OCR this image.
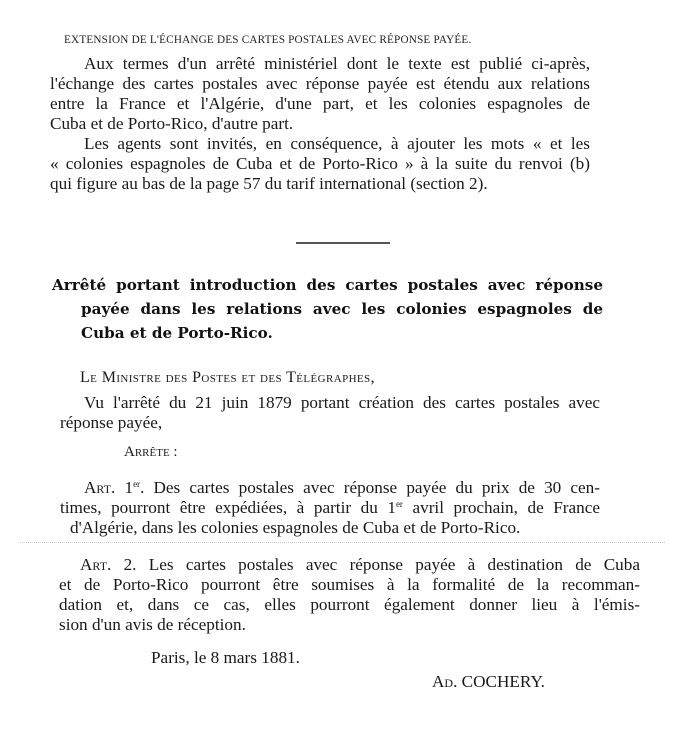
EXTENSION DE L'ÉCHANGE DES CARTES POSTALES AVEC RÉPONSE PAYÉE.
Aux termes d'un arrêté ministériel dont le texte est publié ci-après,
l'échange des cartes postales avec réponse payée est étendu aux relations
entre la France et l'Algérie, d'une part, et les colonies espagnoles de
Cuba et de Porto-Rico, d'autre part.
Les agents sont invités, en conséquence, à ajouter les mots « et les
« colonies espagnoles de Cuba et de Porto-Rico » à la suite du renvoi (b)
qui figure au bas de la page 57 du tarif international (section 2).
Arrêté portant introduction des cartes postales avec réponse
payée dans les relations avec les colonies espagnoles de
Cuba et de Porto-Rico.
Le Ministre des Postes et des Télégraphes,
Vu l'arrêté du 21 juin 1879 portant création des cartes postales avec
réponse payée,
Arrête :
Art. 1er. Des cartes postales avec réponse payée du prix de 30 cen-
times, pourront être expédiées, à partir du 1er avril prochain, de France
d'Algérie, dans les colonies espagnoles de Cuba et de Porto-Rico.
Art. 2. Les cartes postales avec réponse payée à destination de Cuba
et de Porto-Rico pourront être soumises à la formalité de la recomman-
dation et, dans ce cas, elles pourront également donner lieu à l'émis-
sion d'un avis de réception.
Paris, le 8 mars 1881.
Ad. COCHERY.
